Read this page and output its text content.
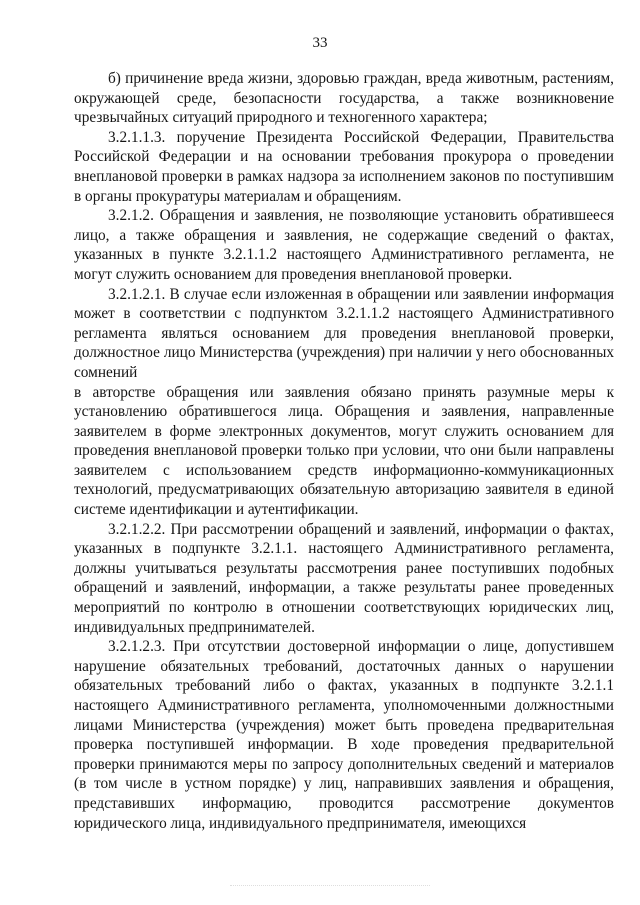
33

б) причинение вреда жизни, здоровью граждан, вреда животным, растениям, окружающей среде, безопасности государства, а также возникновение чрезвычайных ситуаций природного и техногенного характера;

3.2.1.1.3. поручение Президента Российской Федерации, Правительства Российской Федерации и на основании требования прокурора о проведении внеплановой проверки в рамках надзора за исполнением законов по поступившим в органы прокуратуры материалам и обращениям.

3.2.1.2. Обращения и заявления, не позволяющие установить обратившееся лицо, а также обращения и заявления, не содержащие сведений о фактах, указанных в пункте 3.2.1.1.2 настоящего Административного регламента, не могут служить основанием для проведения внеплановой проверки.

3.2.1.2.1. В случае если изложенная в обращении или заявлении информация может в соответствии с подпунктом 3.2.1.1.2 настоящего Административного регламента являться основанием для проведения внеплановой проверки, должностное лицо Министерства (учреждения) при наличии у него обоснованных сомнений

в авторстве обращения или заявления обязано принять разумные меры к установлению обратившегося лица. Обращения и заявления, направленные заявителем в форме электронных документов, могут служить основанием для проведения внеплановой проверки только при условии, что они были направлены заявителем с использованием средств информационно-коммуникационных технологий, предусматривающих обязательную авторизацию заявителя в единой системе идентификации и аутентификации.

3.2.1.2.2. При рассмотрении обращений и заявлений, информации о фактах, указанных в подпункте 3.2.1.1. настоящего Административного регламента, должны учитываться результаты рассмотрения ранее поступивших подобных обращений и заявлений, информации, а также результаты ранее проведенных мероприятий по контролю в отношении соответствующих юридических лиц, индивидуальных предпринимателей.

3.2.1.2.3. При отсутствии достоверной информации о лице, допустившем нарушение обязательных требований, достаточных данных о нарушении обязательных требований либо о фактах, указанных в подпункте 3.2.1.1 настоящего Административного регламента, уполномоченными должностными лицами Министерства (учреждения) может быть проведена предварительная проверка поступившей информации. В ходе проведения предварительной проверки принимаются меры по запросу дополнительных сведений и материалов (в том числе в устном порядке) у лиц, направивших заявления и обращения, представивших информацию, проводится рассмотрение документов юридического лица, индивидуального предпринимателя, имеющихся
